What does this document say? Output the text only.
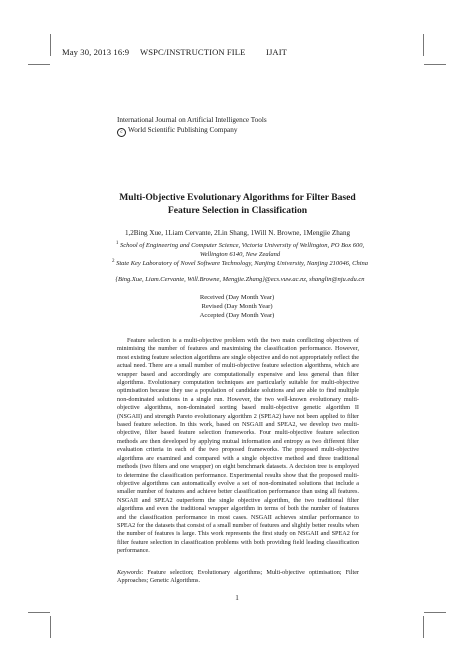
May 30, 2013 16:9 WSPC/INSTRUCTION FILE IJAIT
International Journal on Artificial Intelligence Tools
c World Scientific Publishing Company
Multi-Objective Evolutionary Algorithms for Filter Based Feature Selection in Classification
1,2Bing Xue, 1Liam Cervante, 2Lin Shang, 1Will N. Browne, 1Mengjie Zhang
$^1$ School of Engineering and Computer Science, Victoria University of Wellington, PO Box 600, Wellington 6140, New Zealand
$^2$ State Key Laboratory of Novel Software Technology, Nanjing University, Nanjing 210046, China
{Bing.Xue, Liam.Cervante, Will.Browne, Mengjie.Zhang}@ecs.vuw.ac.nz, shanglin@nju.edu.cn
Received (Day Month Year)
Revised (Day Month Year)
Accepted (Day Month Year)
Feature selection is a multi-objective problem with the two main conflicting objectives of minimising the number of features and maximising the classification performance. However, most existing feature selection algorithms are single objective and do not appropriately reflect the actual need. There are a small number of multi-objective feature selection algorithms, which are wrapper based and accordingly are computationally expensive and less general than filter algorithms. Evolutionary computation techniques are particularly suitable for multi-objective optimisation because they use a population of candidate solutions and are able to find multiple non-dominated solutions in a single run. However, the two well-known evolutionary multi-objective algorithms, non-dominated sorting based multi-objective genetic algorithm II (NSGAII) and strength Pareto evolutionary algorithm 2 (SPEA2) have not been applied to filter based feature selection. In this work, based on NSGAII and SPEA2, we develop two multi-objective, filter based feature selection frameworks. Four multi-objective feature selection methods are then developed by applying mutual information and entropy as two different filter evaluation criteria in each of the two proposed frameworks. The proposed multi-objective algorithms are examined and compared with a single objective method and three traditional methods (two filters and one wrapper) on eight benchmark datasets. A decision tree is employed to determine the classification performance. Experimental results show that the proposed multi-objective algorithms can automatically evolve a set of non-dominated solutions that include a smaller number of features and achieve better classification performance than using all features. NSGAII and SPEA2 outperform the single objective algorithm, the two traditional filter algorithms and even the traditional wrapper algorithm in terms of both the number of features and the classification performance in most cases. NSGAII achieves similar performance to SPEA2 for the datasets that consist of a small number of features and slightly better results when the number of features is large. This work represents the first study on NSGAII and SPEA2 for filter feature selection in classification problems with both providing field leading classification performance.
Keywords: Feature selection; Evolutionary algorithms; Multi-objective optimisation; Filter Approaches; Genetic Algorithms.
1
